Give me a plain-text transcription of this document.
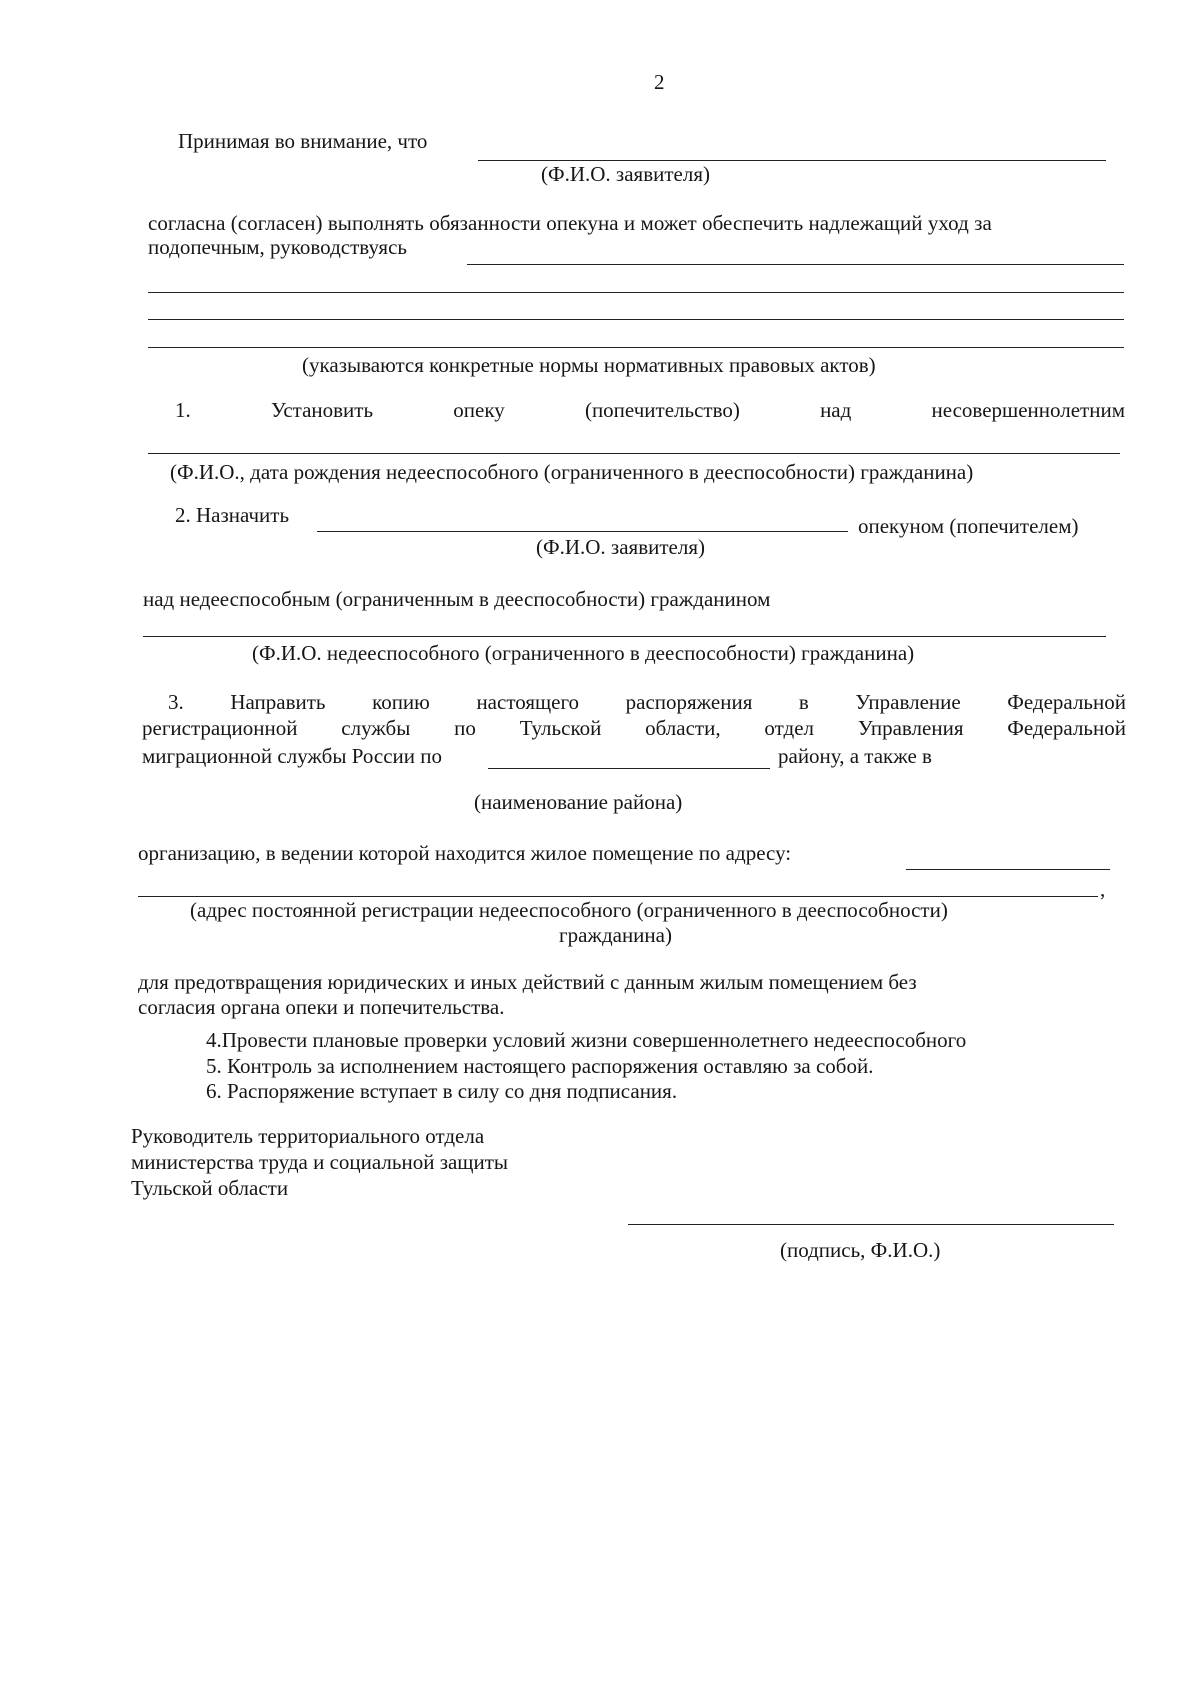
2
Принимая во внимание, что
(Ф.И.О. заявителя)
согласна (согласен) выполнять обязанности опекуна и может обеспечить надлежащий уход за
подопечным, руководствуясь
(указываются конкретные нормы нормативных правовых актов)
1.	Установить	опеку	(попечительство)	над	несовершеннолетним
(Ф.И.О., дата рождения недееспособного (ограниченного в дееспособности) гражданина)
2. Назначить	опекуном (попечителем)
(Ф.И.О. заявителя)
над недееспособным (ограниченным в дееспособности) гражданином
(Ф.И.О. недееспособного (ограниченного в дееспособности) гражданина)
3. Направить копию настоящего распоряжения в Управление Федеральной
регистрационной службы по Тульской области, отдел Управления Федеральной
миграционной службы России по	району, а также в
(наименование района)
организацию, в ведении которой находится жилое помещение по адресу:
,
(адрес постоянной регистрации недееспособного (ограниченного в дееспособности)
гражданина)
для предотвращения юридических и иных действий с данным жилым помещением без
согласия органа опеки и попечительства.
4.Провести плановые проверки условий жизни совершеннолетнего недееспособного
5. Контроль за исполнением настоящего распоряжения оставляю за собой.
6. Распоряжение вступает в силу со дня подписания.
Руководитель территориального отдела
министерства труда и социальной защиты
Тульской области
(подпись, Ф.И.О.)
